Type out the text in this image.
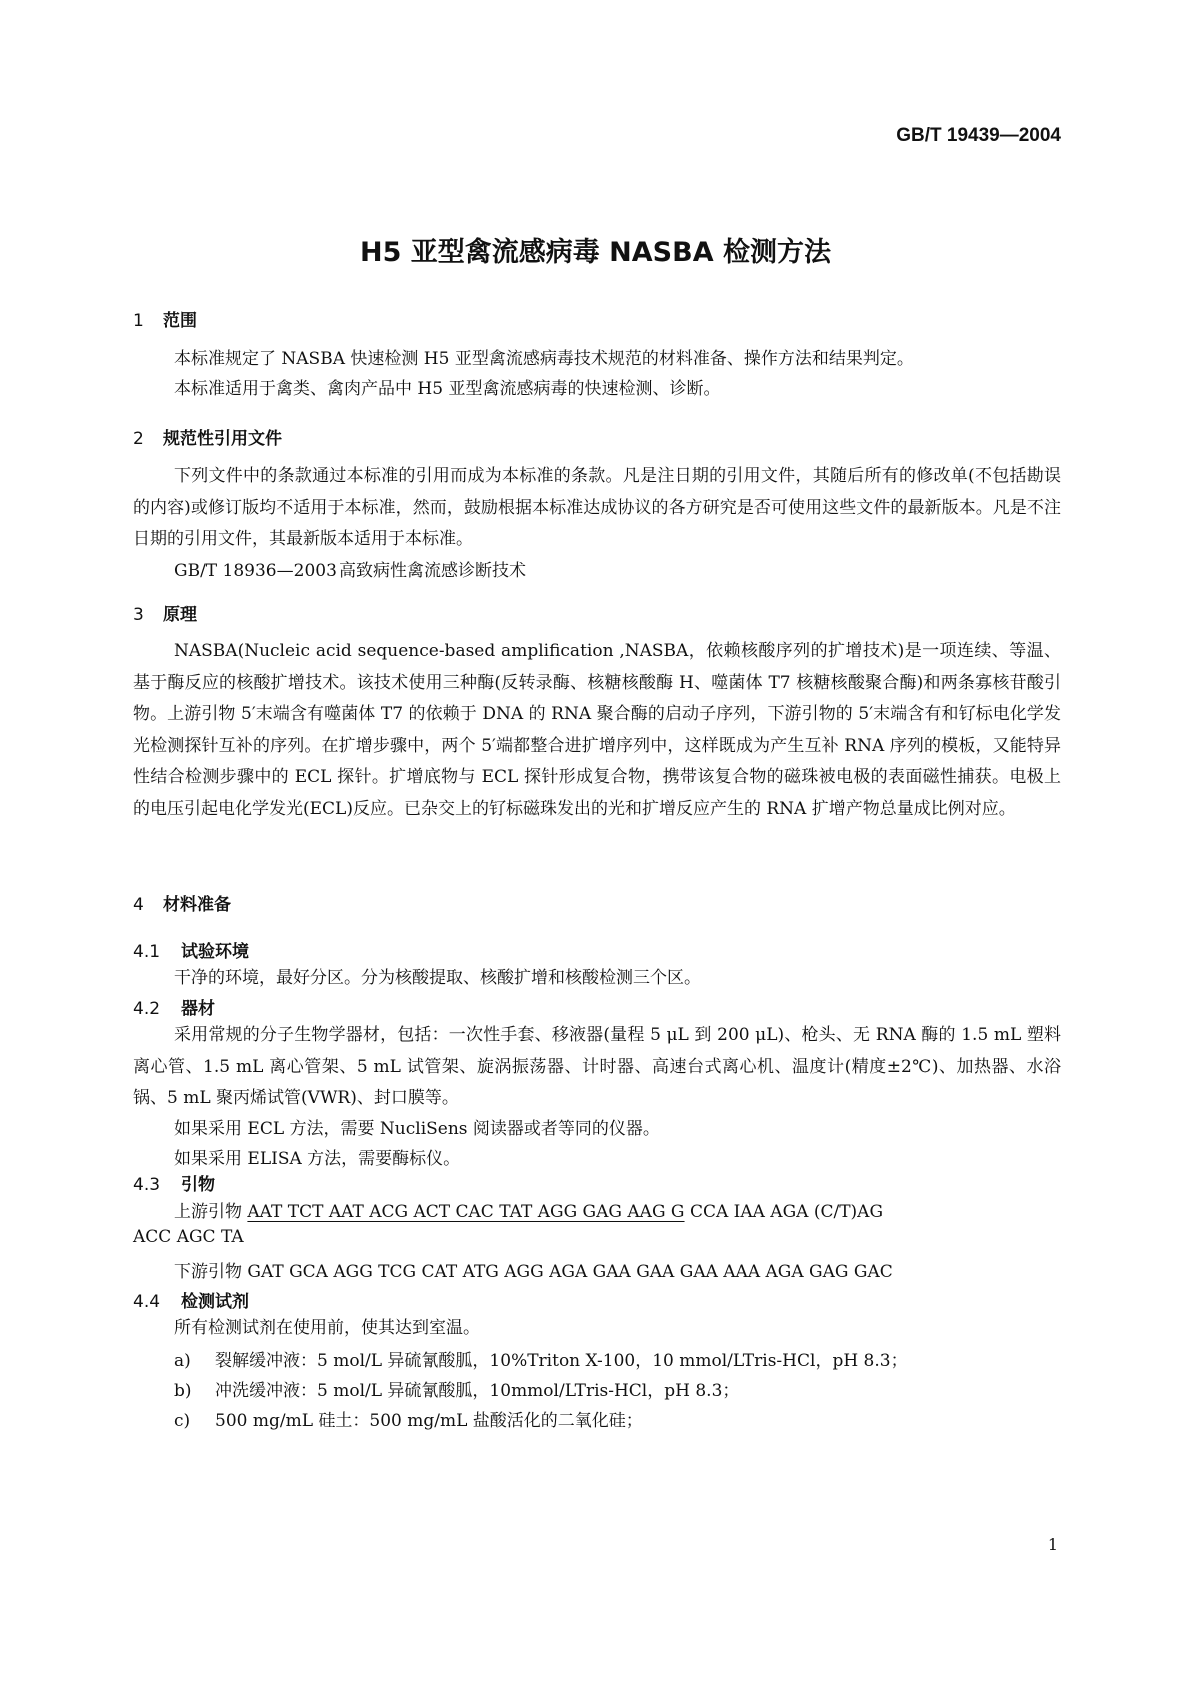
GB/T 19439—2004
H5 亚型禽流感病毒 NASBA 检测方法
1 范围
本标准规定了 NASBA 快速检测 H5 亚型禽流感病毒技术规范的材料准备、操作方法和结果判定。
本标准适用于禽类、禽肉产品中 H5 亚型禽流感病毒的快速检测、诊断。
2 规范性引用文件
下列文件中的条款通过本标准的引用而成为本标准的条款。凡是注日期的引用文件，其随后所有的修改单(不包括勘误的内容)或修订版均不适用于本标准，然而，鼓励根据本标准达成协议的各方研究是否可使用这些文件的最新版本。凡是不注日期的引用文件，其最新版本适用于本标准。
GB/T 18936—2003 高致病性禽流感诊断技术
3 原理
NASBA(Nucleic acid sequence-based amplification ,NASBA，依赖核酸序列的扩增技术)是一项连续、等温、基于酶反应的核酸扩增技术。该技术使用三种酶(反转录酶、核糖核酸酶 H、噬菌体 T7 核糖核酸聚合酶)和两条寡核苷酸引物。上游引物 5′末端含有噬菌体 T7 的依赖于 DNA 的 RNA 聚合酶的启动子序列，下游引物的 5′末端含有和钌标电化学发光检测探针互补的序列。在扩增步骤中，两个 5′端都整合进扩增序列中，这样既成为产生互补 RNA 序列的模板，又能特异性结合检测步骤中的 ECL 探针。扩增底物与 ECL 探针形成复合物，携带该复合物的磁珠被电极的表面磁性捕获。电极上的电压引起电化学发光(ECL)反应。已杂交上的钌标磁珠发出的光和扩增反应产生的 RNA 扩增产物总量成比例对应。
4 材料准备
4.1 试验环境
干净的环境，最好分区。分为核酸提取、核酸扩增和核酸检测三个区。
4.2 器材
采用常规的分子生物学器材，包括：一次性手套、移液器(量程 5 μL 到 200 μL)、枪头、无 RNA 酶的 1.5 mL 塑料离心管、1.5 mL 离心管架、5 mL 试管架、旋涡振荡器、计时器、高速台式离心机、温度计(精度±2℃)、加热器、水浴锅、5 mL 聚丙烯试管(VWR)、封口膜等。
如果采用 ECL 方法，需要 NucliSens 阅读器或者等同的仪器。
如果采用 ELISA 方法，需要酶标仪。
4.3 引物
上游引物 AAT TCT AAT ACG ACT CAC TAT AGG GAG AAG G CCA IAA AGA (C/T)AG
ACC AGC TA
下游引物 GAT GCA AGG TCG CAT ATG AGG AGA GAA GAA GAA AAA AGA GAG GAC
4.4 检测试剂
所有检测试剂在使用前，使其达到室温。
a) 裂解缓冲液：5 mol/L 异硫氰酸胍，10%Triton X-100，10 mmol/LTris-HCl，pH 8.3；
b) 冲洗缓冲液：5 mol/L 异硫氰酸胍，10mmol/LTris-HCl，pH 8.3；
c) 500 mg/mL 硅土：500 mg/mL 盐酸活化的二氧化硅；
1
